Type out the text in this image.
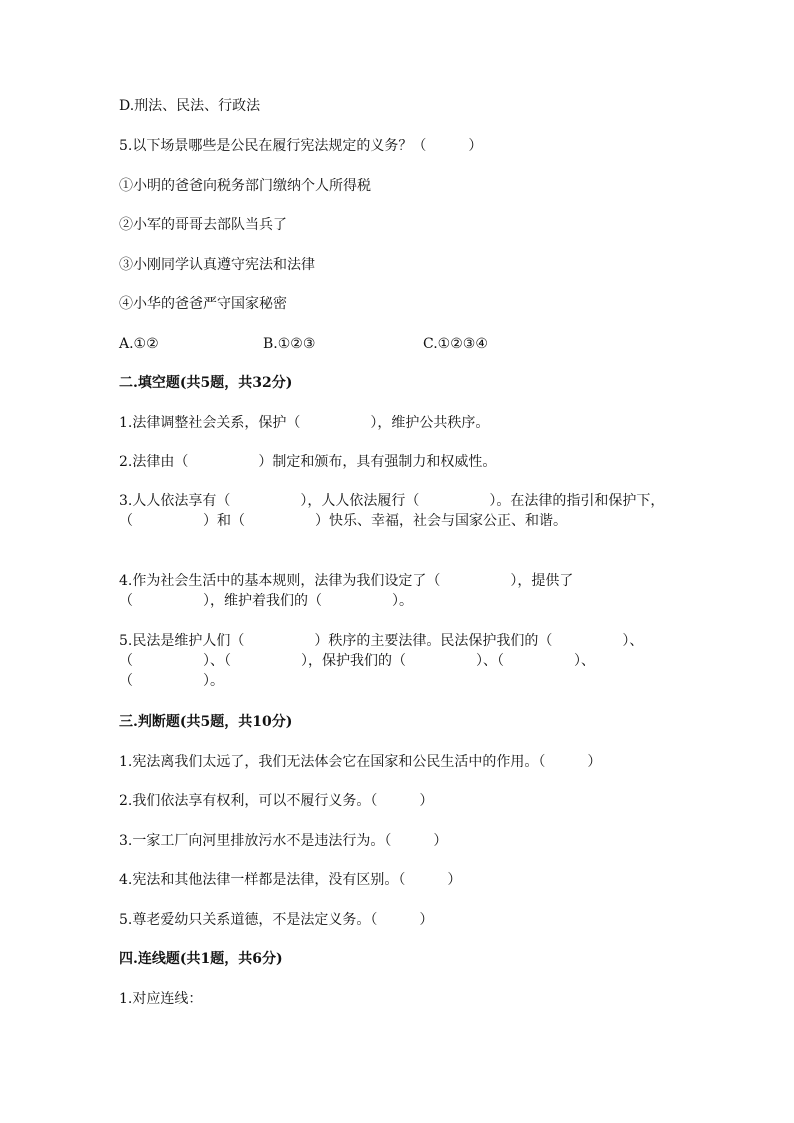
D.刑法、民法、行政法
5.以下场景哪些是公民在履行宪法规定的义务？（　　　）
①小明的爸爸向税务部门缴纳个人所得税
②小军的哥哥去部队当兵了
③小刚同学认真遵守宪法和法律
④小华的爸爸严守国家秘密
A.①②	B.①②③	C.①②③④
二.填空题(共5题，共32分)
1.法律调整社会关系，保护（　　　　　），维护公共秩序。
2.法律由（　　　　　）制定和颁布，具有强制力和权威性。
3.人人依法享有（　　　　　），人人依法履行（　　　　　）。在法律的指引和保护下，（　　　　　）和（　　　　　）快乐、幸福，社会与国家公正、和谐。
4.作为社会生活中的基本规则，法律为我们设定了（　　　　　），提供了（　　　　　），维护着我们的（　　　　　）。
5.民法是维护人们（　　　　　）秩序的主要法律。民法保护我们的（　　　　　）、（　　　　　）、（　　　　　），保护我们的（　　　　　）、（　　　　　）、（　　　　　）。
三.判断题(共5题，共10分)
1.宪法离我们太远了，我们无法体会它在国家和公民生活中的作用。（　　　）
2.我们依法享有权利，可以不履行义务。（　　　）
3.一家工厂向河里排放污水不是违法行为。（　　　）
4.宪法和其他法律一样都是法律，没有区别。（　　　）
5.尊老爱幼只关系道德，不是法定义务。（　　　）
四.连线题(共1题，共6分)
1.对应连线：
